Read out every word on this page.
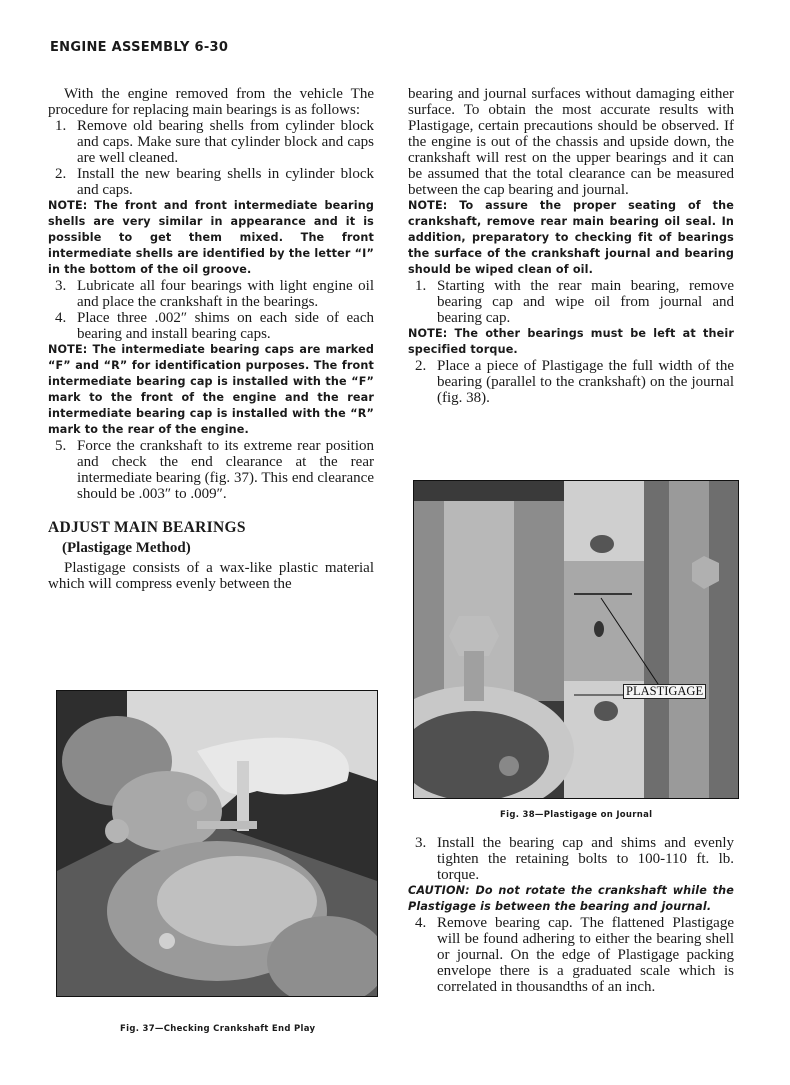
ENGINE ASSEMBLY 6-30

With the engine removed from the vehicle The procedure for replacing main bearings is as follows:

1. Remove old bearing shells from cylinder block and caps. Make sure that cylinder block and caps are well cleaned.
2. Install the new bearing shells in cylinder block and caps.

NOTE: The front and front intermediate bearing shells are very similar in appearance and it is possible to get them mixed. The front intermediate shells are identified by the letter “I” in the bottom of the oil groove.

3. Lubricate all four bearings with light engine oil and place the crankshaft in the bearings.
4. Place three .002″ shims on each side of each bearing and install bearing caps.

NOTE: The intermediate bearing caps are marked “F” and “R” for identification purposes. The front intermediate bearing cap is installed with the “F” mark to the front of the engine and the rear intermediate bearing cap is installed with the “R” mark to the rear of the engine.

5. Force the crankshaft to its extreme rear position and check the end clearance at the rear intermediate bearing (fig. 37). This end clearance should be .003″ to .009″.
ADJUST MAIN BEARINGS
(Plastigage Method)

Plastigage consists of a wax-like plastic material which will compress evenly between the

Fig. 37—Checking Crankshaft End Play

bearing and journal surfaces without damaging either surface. To obtain the most accurate results with Plastigage, certain precautions should be observed. If the engine is out of the chassis and upside down, the crankshaft will rest on the upper bearings and it can be assumed that the total clearance can be measured between the cap bearing and journal.

NOTE: To assure the proper seating of the crankshaft, remove rear main bearing oil seal. In addition, preparatory to checking fit of bearings the surface of the crankshaft journal and bearing should be wiped clean of oil.

1. Starting with the rear main bearing, remove bearing cap and wipe oil from journal and bearing cap.

NOTE: The other bearings must be left at their specified torque.

2. Place a piece of Plastigage the full width of the bearing (parallel to the crankshaft) on the journal (fig. 38).
PLASTIGAGE
Fig. 38—Plastigage on Journal
3. Install the bearing cap and shims and evenly tighten the retaining bolts to 100-110 ft. lb. torque.

CAUTION: Do not rotate the crankshaft while the Plastigage is between the bearing and journal.

4. Remove bearing cap. The flattened Plastigage will be found adhering to either the bearing shell or journal. On the edge of Plastigage packing envelope there is a graduated scale which is correlated in thousandths of an inch.
